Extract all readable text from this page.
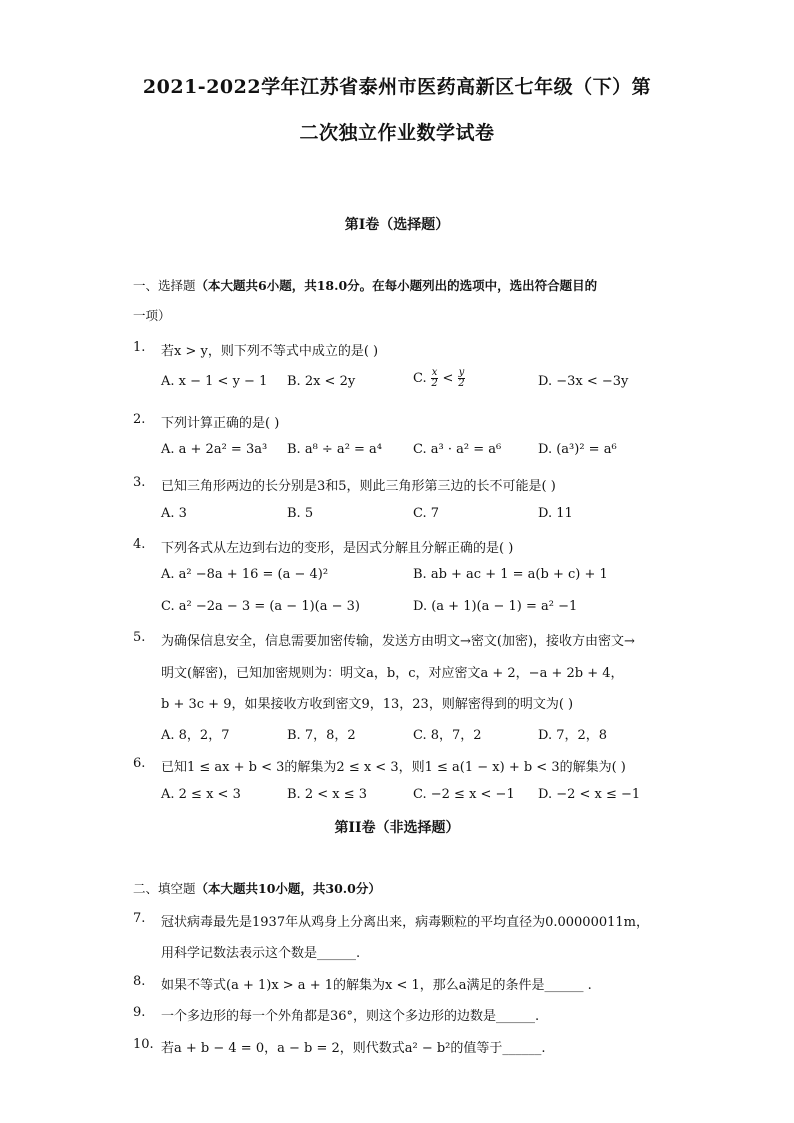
2021-2022学年江苏省泰州市医药高新区七年级（下）第
二次独立作业数学试卷
第I卷（选择题）
一、选择题（本大题共6小题，共18.0分。在每小题列出的选项中，选出符合题目的
一项）
1. 若x > y，则下列不等式中成立的是( )
A. x − 1 < y − 1 B. 2x < 2y	C. $\frac{x}{2} < \frac{y}{2}$	D. −3x < −3y
2. 下列计算正确的是( )
A. a + 2a² = 3a³ B. a⁸ ÷ a² = a⁴ C. a³ · a² = a⁶	D. (a³)² = a⁶
3. 已知三角形两边的长分别是3和5，则此三角形第三边的长不可能是( )
A. 3	B. 5	C. 7	D. 11
4. 下列各式从左边到右边的变形，是因式分解且分解正确的是( )
A. a² −8a + 16 = (a − 4)²	B. ab + ac + 1 = a(b + c) + 1
C. a² −2a − 3 = (a − 1)(a − 3)	D. (a + 1)(a − 1) = a² −1
5. 为确保信息安全，信息需要加密传输，发送方由明文→密文(加密)，接收方由密文→
明文(解密)，已知加密规则为：明文a，b，c，对应密文a + 2，−a + 2b + 4，
b + 3c + 9，如果接收方收到密文9，13，23，则解密得到的明文为( )
A. 8，2，7	B. 7，8，2	C. 8，7，2	D. 7，2，8
6. 已知1 ≤ ax + b < 3的解集为2 ≤ x < 3，则1 ≤ a(1 − x) + b < 3的解集为( )
A. 2 ≤ x < 3	B. 2 < x ≤ 3	C. −2 ≤ x < −1 D. −2 < x ≤ −1
第II卷（非选择题）
二、填空题（本大题共10小题，共30.0分）
7. 冠状病毒最先是1937年从鸡身上分离出来，病毒颗粒的平均直径为0.00000011m，
用科学记数法表示这个数是______.
8. 如果不等式(a + 1)x > a + 1的解集为x < 1，那么a满足的条件是______ .
9. 一个多边形的每一个外角都是36°，则这个多边形的边数是______.
10. 若a + b − 4 = 0，a − b = 2，则代数式a² − b²的值等于______.
